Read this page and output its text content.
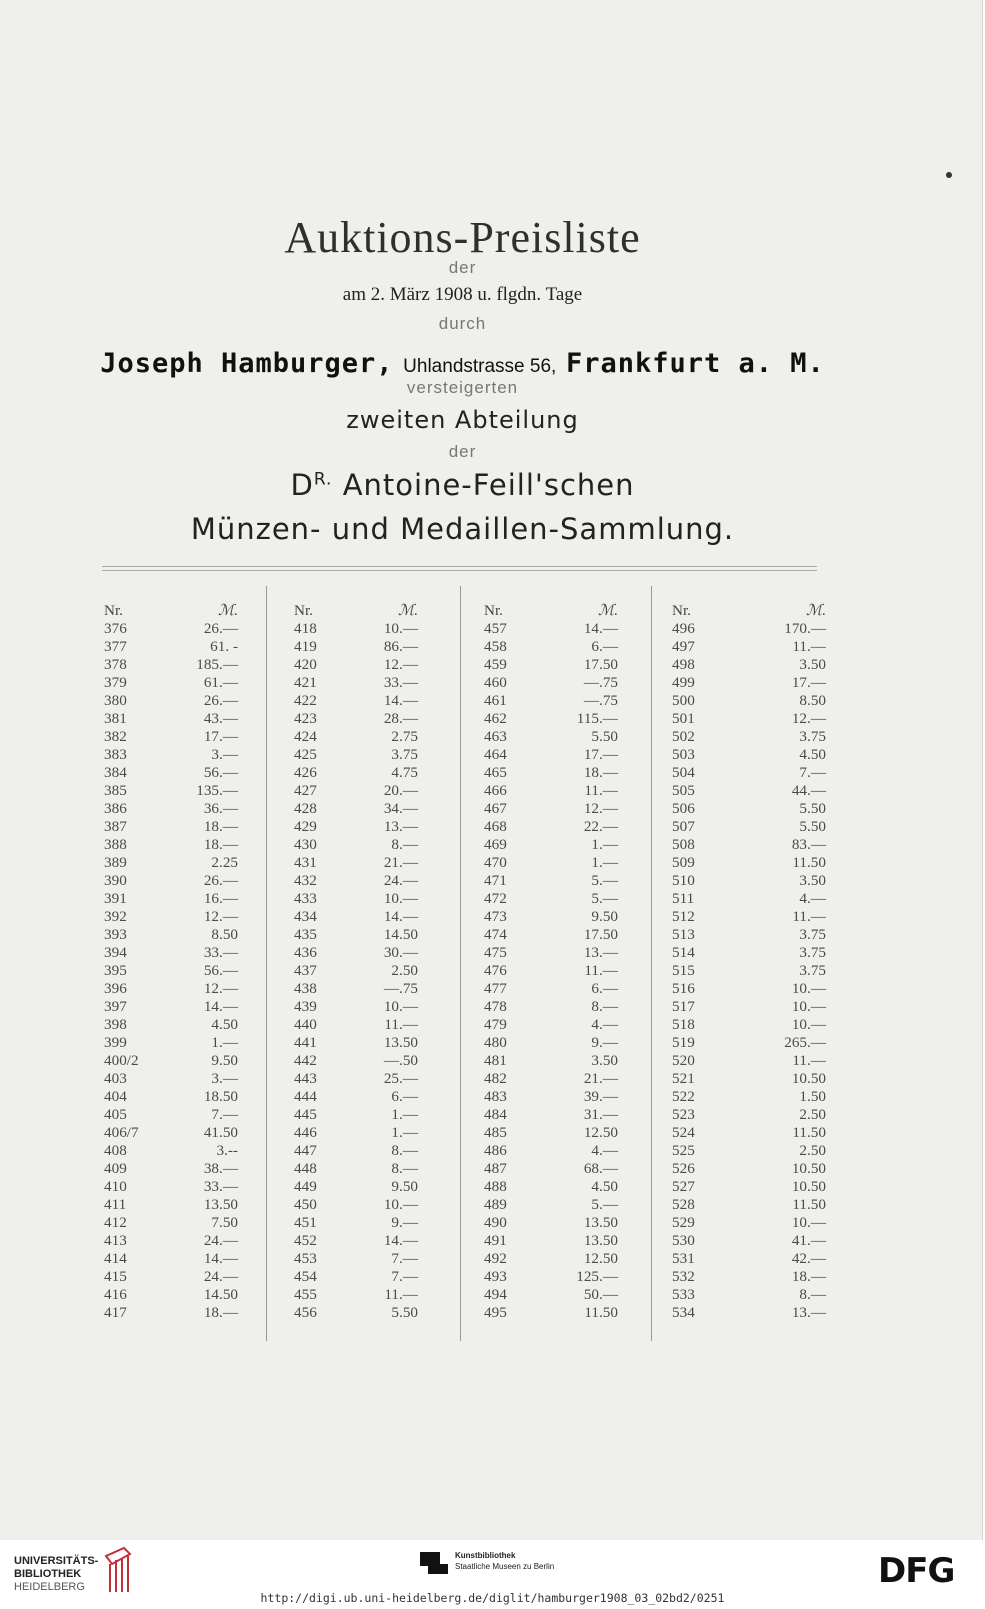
Auktions-Preisliste
der
am 2. März 1908 u. flgdn. Tage
durch
Joseph Hamburger, Uhlandstrasse 56, Frankfurt a. M.
versteigerten
zweiten Abteilung
der
$D^{R.}$ Antoine-Feill'schen
Münzen- und Medaillen-Sammlung.
Nr.	ℳ.
376	26.—
377	61. -
378	185.—
379	61.—
380	26.—
381	43.—
382	17.—
383	3.—
384	56.—
385	135.—
386	36.—
387	18.—
388	18.—
389	2.25
390	26.—
391	16.—
392	12.—
393	8.50
394	33.—
395	56.—
396	12.—
397	14.—
398	4.50
399	1.—
400/2	9.50
403	3.—
404	18.50
405	7.—
406/7	41.50
408	3.--
409	38.—
410	33.—
411	13.50
412	7.50
413	24.—
414	14.—
415	24.—
416	14.50
417	18.—
Nr.	ℳ.
418	10.—
419	86.—
420	12.—
421	33.—
422	14.—
423	28.—
424	2.75
425	3.75
426	4.75
427	20.—
428	34.—
429	13.—
430	8.—
431	21.—
432	24.—
433	10.—
434	14.—
435	14.50
436	30.—
437	2.50
438	—.75
439	10.—
440	11.—
441	13.50
442	—.50
443	25.—
444	6.—
445	1.—
446	1.—
447	8.—
448	8.—
449	9.50
450	10.—
451	9.—
452	14.—
453	7.—
454	7.—
455	11.—
456	5.50
Nr.	ℳ.
457	14.—
458	6.—
459	17.50
460	—.75
461	—.75
462	115.—
463	5.50
464	17.—
465	18.—
466	11.—
467	12.—
468	22.—
469	1.—
470	1.—
471	5.—
472	5.—
473	9.50
474	17.50
475	13.—
476	11.—
477	6.—
478	8.—
479	4.—
480	9.—
481	3.50
482	21.—
483	39.—
484	31.—
485	12.50
486	4.—
487	68.—
488	4.50
489	5.—
490	13.50
491	13.50
492	12.50
493	125.—
494	50.—
495	11.50
Nr.	ℳ.
496	170.—
497	11.—
498	3.50
499	17.—
500	8.50
501	12.—
502	3.75
503	4.50
504	7.—
505	44.—
506	5.50
507	5.50
508	83.—
509	11.50
510	3.50
511	4.—
512	11.—
513	3.75
514	3.75
515	3.75
516	10.—
517	10.—
518	10.—
519	265.—
520	11.—
521	10.50
522	1.50
523	2.50
524	11.50
525	2.50
526	10.50
527	10.50
528	11.50
529	10.—
530	41.—
531	42.—
532	18.—
533	8.—
534	13.—
UNIVERSITÄTS-
BIBLIOTHEK
HEIDELBERG
Kunstbibliothek
Staatliche Museen zu Berlin	DFG
http://digi.ub.uni-heidelberg.de/diglit/hamburger1908_03_02bd2/0251
